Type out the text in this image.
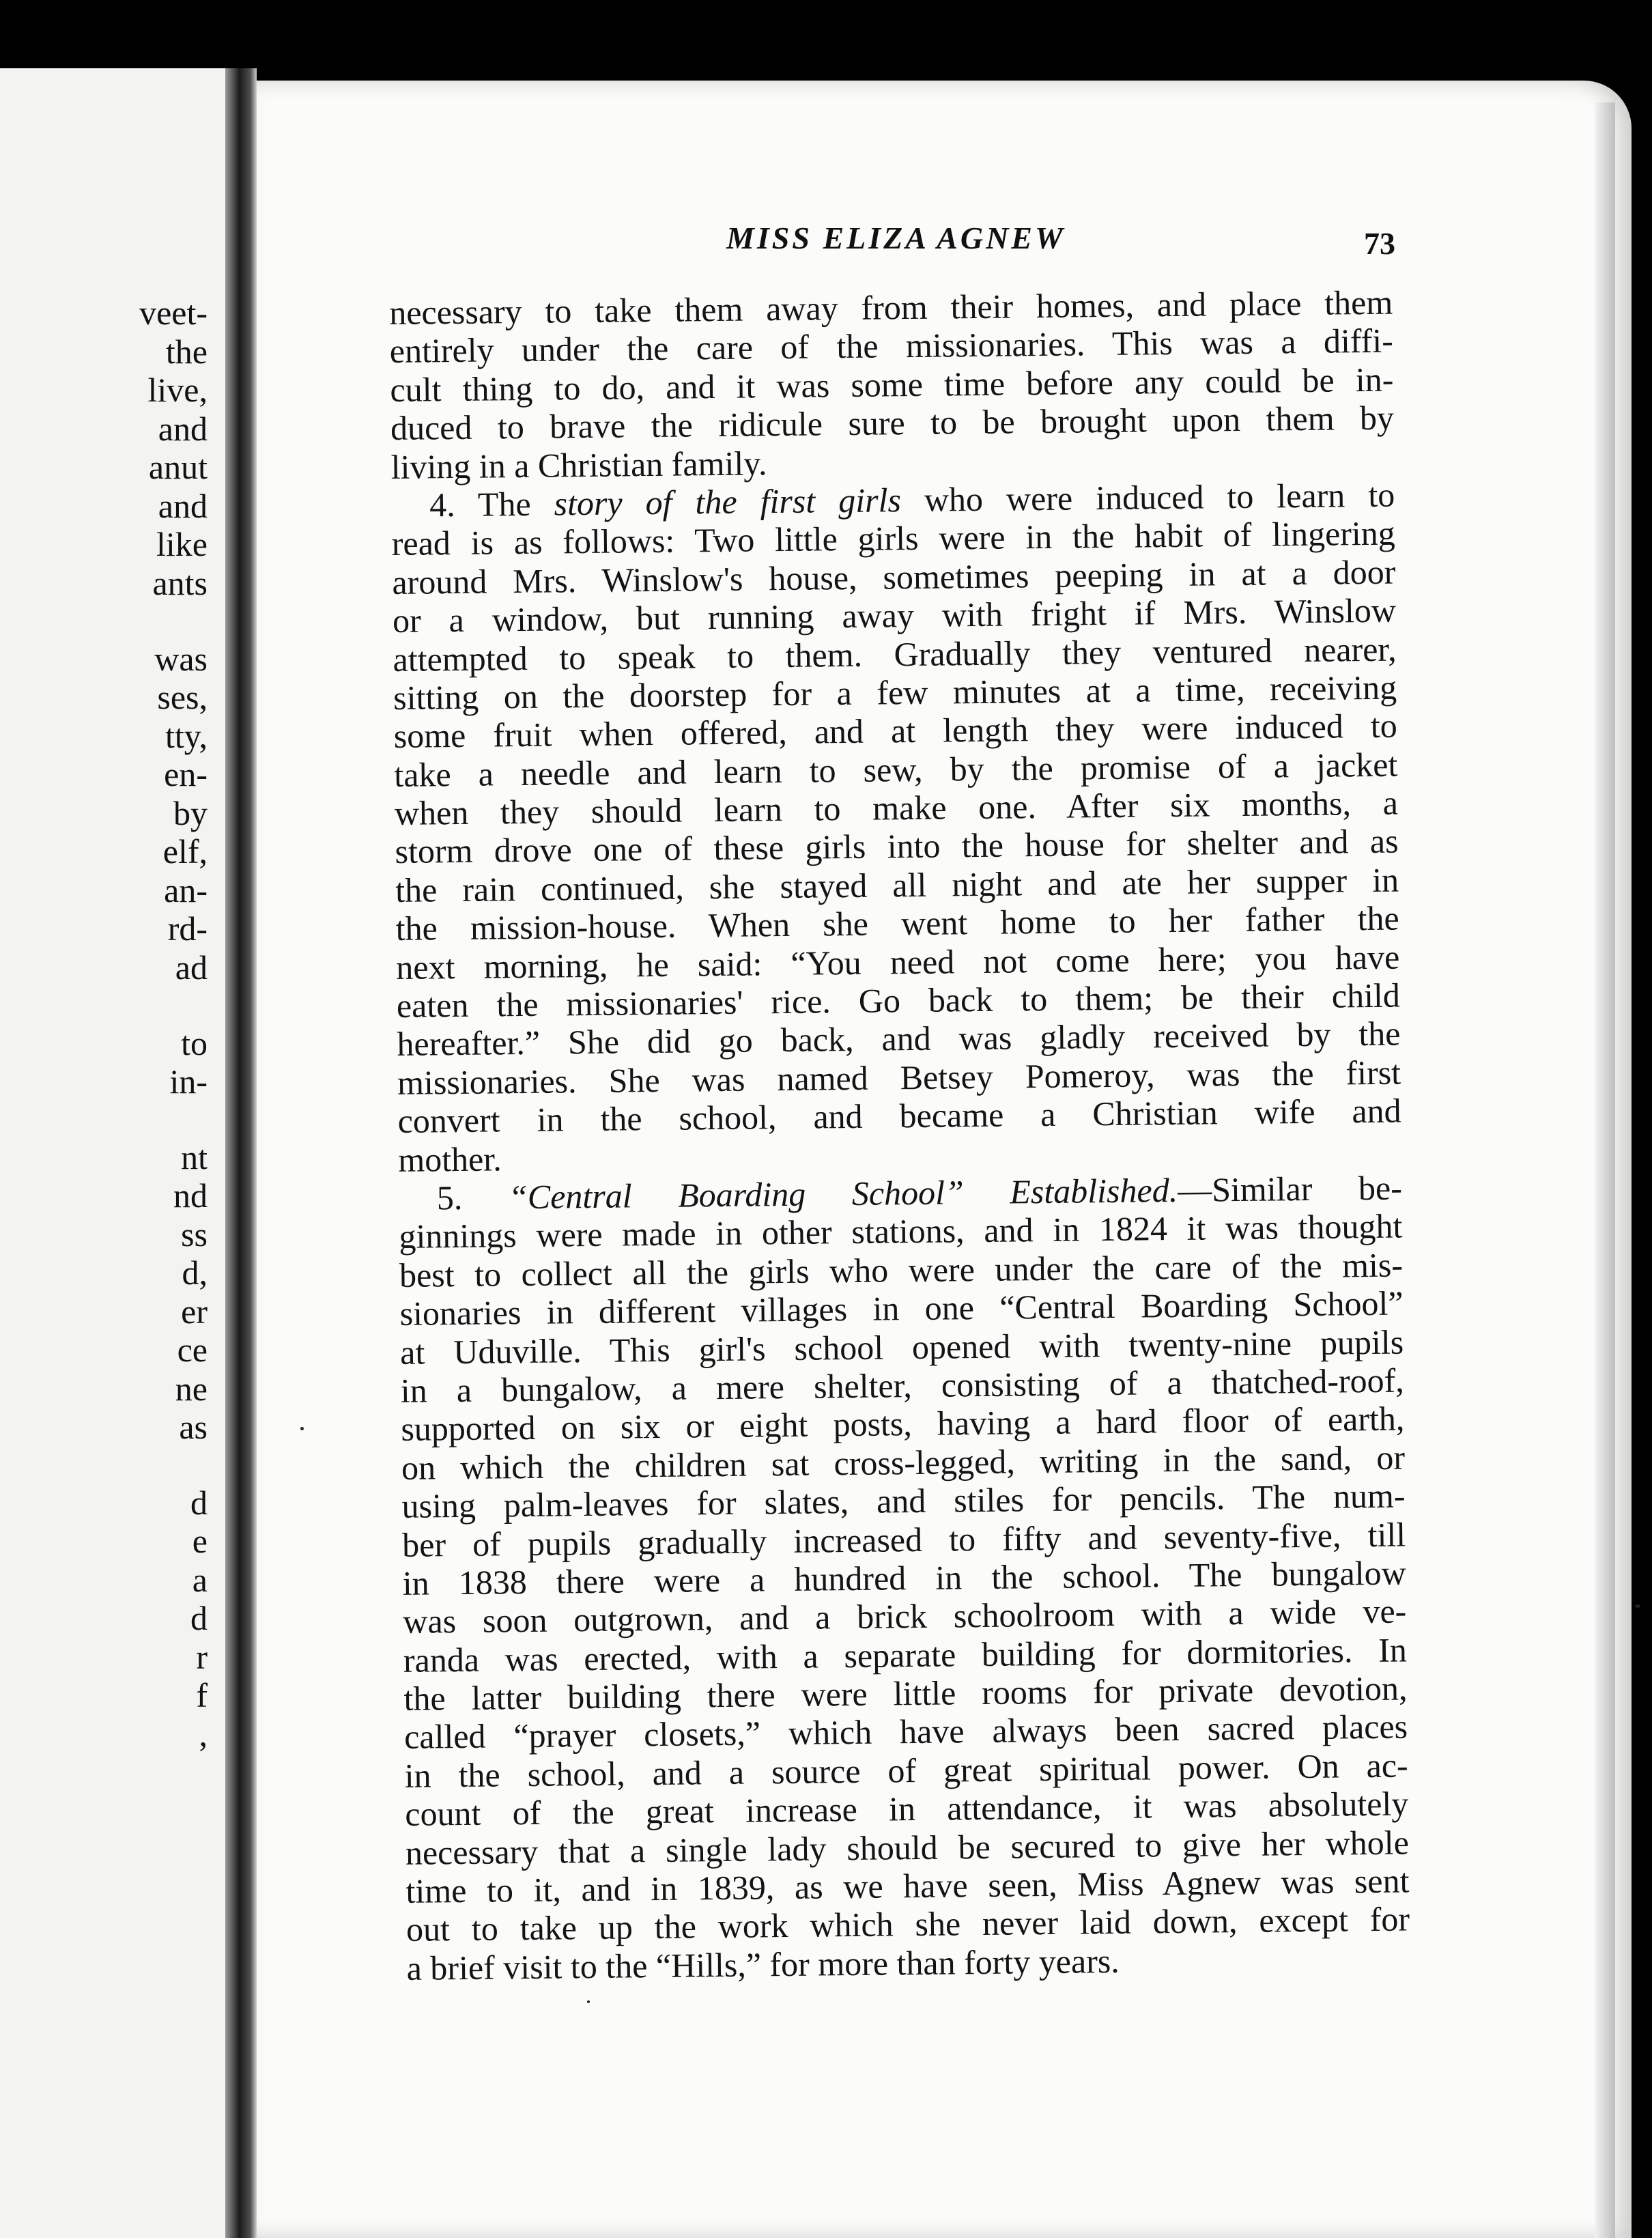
veet-
the
live,
and
anut
and
like
ants
was
ses,
tty,
en-
by
elf,
an-
rd-
ad
to
in-
nt
nd
ss
d,
er
ce
ne
as
d
e
a
d
r
f
,
MISS ELIZA AGNEW	73
necessary to take them away from their homes, and place them
entirely under the care of the missionaries. This was a diffi-
cult thing to do, and it was some time before any could be in-
duced to brave the ridicule sure to be brought upon them by
living in a Christian family.
4. The story of the first girls who were induced to learn to
read is as follows: Two little girls were in the habit of lingering
around Mrs. Winslow's house, sometimes peeping in at a door
or a window, but running away with fright if Mrs. Winslow
attempted to speak to them. Gradually they ventured nearer,
sitting on the doorstep for a few minutes at a time, receiving
some fruit when offered, and at length they were induced to
take a needle and learn to sew, by the promise of a jacket
when they should learn to make one. After six months, a
storm drove one of these girls into the house for shelter and as
the rain continued, she stayed all night and ate her supper in
the mission-house. When she went home to her father the
next morning, he said: “You need not come here; you have
eaten the missionaries' rice. Go back to them; be their child
hereafter.” She did go back, and was gladly received by the
missionaries. She was named Betsey Pomeroy, was the first
convert in the school, and became a Christian wife and
mother.
5. “Central Boarding School” Established.—Similar be-
ginnings were made in other stations, and in 1824 it was thought
best to collect all the girls who were under the care of the mis-
sionaries in different villages in one “Central Boarding School”
at Uduville. This girl's school opened with twenty-nine pupils
in a bungalow, a mere shelter, consisting of a thatched-roof,
supported on six or eight posts, having a hard floor of earth,
on which the children sat cross-legged, writing in the sand, or
using palm-leaves for slates, and stiles for pencils. The num-
ber of pupils gradually increased to fifty and seventy-five, till
in 1838 there were a hundred in the school. The bungalow
was soon outgrown, and a brick schoolroom with a wide ve-
randa was erected, with a separate building for dormitories. In
the latter building there were little rooms for private devotion,
called “prayer closets,” which have always been sacred places
in the school, and a source of great spiritual power. On ac-
count of the great increase in attendance, it was absolutely
necessary that a single lady should be secured to give her whole
time to it, and in 1839, as we have seen, Miss Agnew was sent
out to take up the work which she never laid down, except for
a brief visit to the “Hills,” for more than forty years.
